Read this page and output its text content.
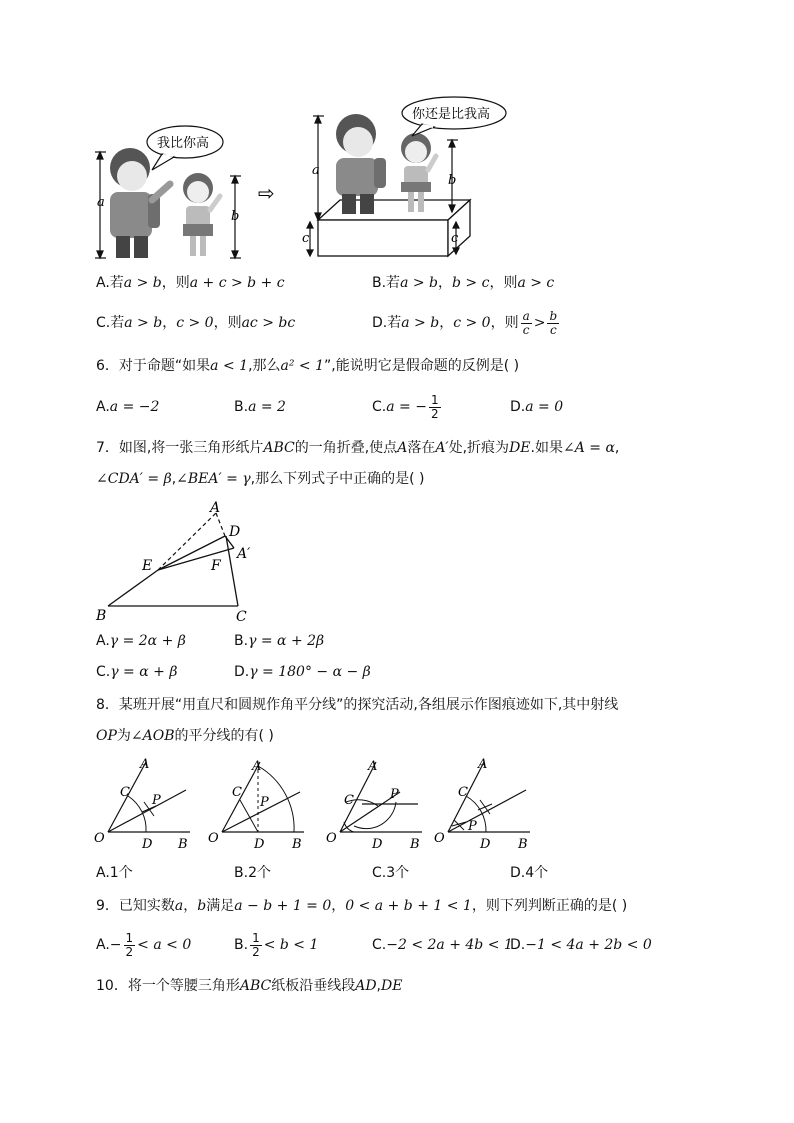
a
b
我比你高
⇨
a
c
b
c
你还是比我高
A.若a > b，则a + c > b + c	B.若a > b，b > c，则a > c
C.若a > b，c > 0，则ac > bc	D.若a > b，c > 0，则 $\frac{a}{c} > \frac{b}{c}$
6．对于命题“如果a < 1,那么a² < 1”,能说明它是假命题的反例是( )
A.a = −2	B.a = 2	C.a = − $\frac{1}{2}$	D.a = 0
7．如图,将一张三角形纸片ABC的一角折叠,使点A落在A′处,折痕为DE.如果∠A = α,
∠CDA′ = β,∠BEA′ = γ,那么下列式子中正确的是( )
A
D
A′
E	F
B	C
A.γ = 2α + β	B.γ = α + 2β
C.γ = α + β	D.γ = 180° − α − β
8．某班开展“用直尺和圆规作角平分线”的探究活动,各组展示作图痕迹如下,其中射线
OP为∠AOB的平分线的有( )
A
C
P
O	D B
A
C
P
O	D B
A
C	P
O	D B
A
C
P
O	D B
A.1个	B.2个	C.3个	D.4个
9．已知实数a，b满足a − b + 1 = 0，0 < a + b + 1 < 1，则下列判断正确的是( )
$A.- \frac{1}{2} < a < 0$	B. $\frac{1}{2} < b < 1$	C.−2 < 2a + 4b < 1
D.−1 < 4a + 2b < 0
10．将一个等腰三角形ABC纸板沿垂线段AD,DE
